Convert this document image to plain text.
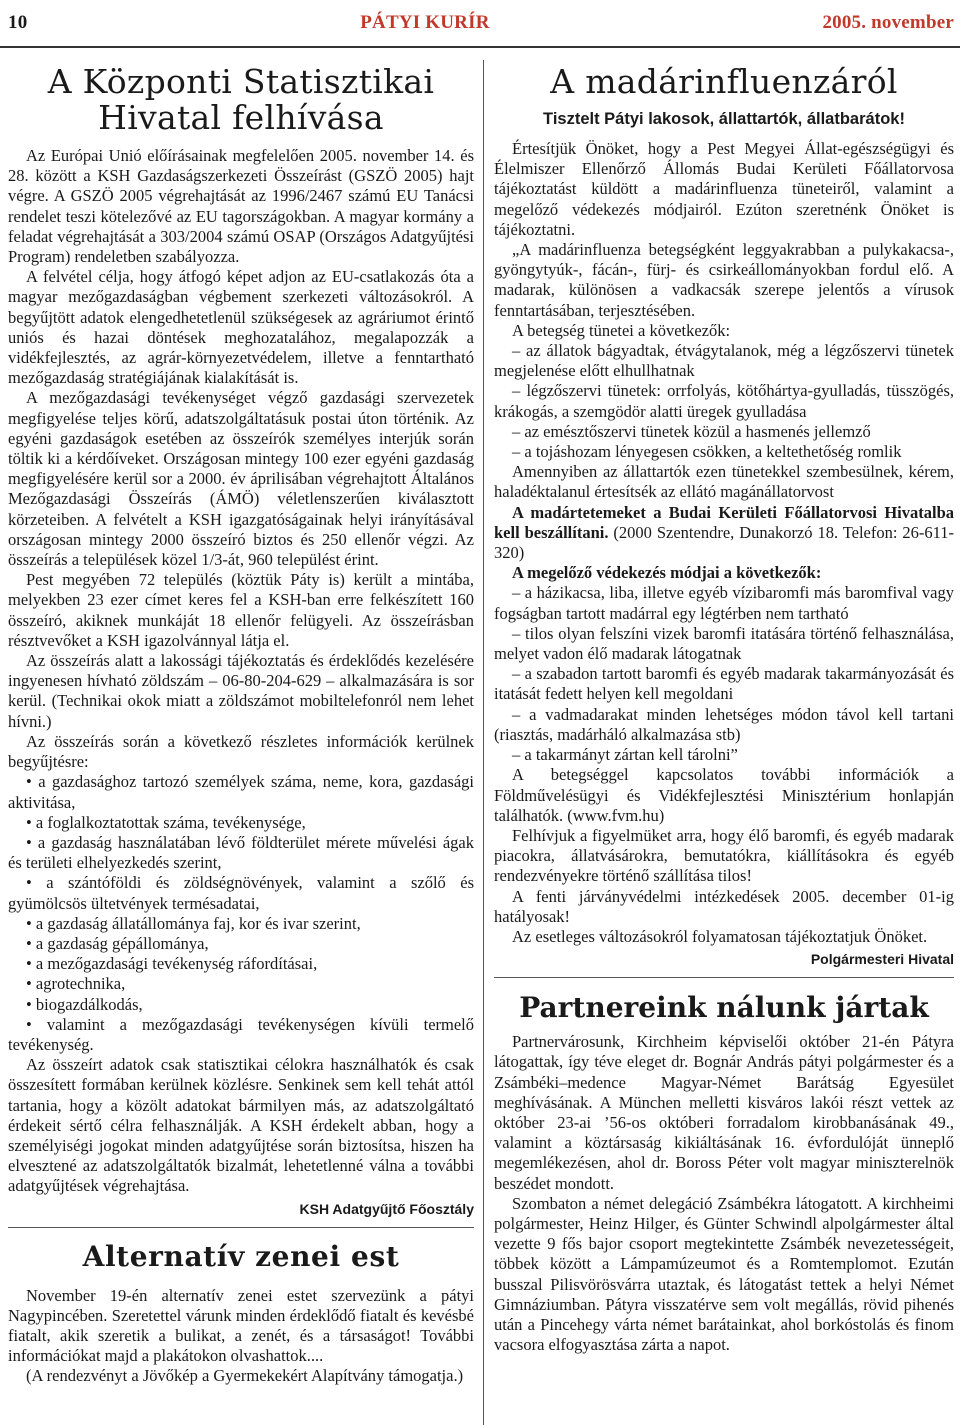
10	PÁTYI KURÍR	2005. november
A Központi Statisztikai Hivatal felhívása

Az Európai Unió előírásainak megfelelően 2005. november 14. és 28. között a KSH Gazdaságszerkezeti Összeírást (GSZÖ 2005) hajt végre. A GSZÖ 2005 végrehajtását az 1996/2467 számú EU Tanácsi rendelet teszi kötelezővé az EU tagországokban. A magyar kormány a feladat végrehajtását a 303/2004 számú OSAP (Országos Adatgyűjtési Program) rendeletben szabályozza.

A felvétel célja, hogy átfogó képet adjon az EU-csatlakozás óta a magyar mezőgazdaságban végbement szerkezeti változásokról. A begyűjtött adatok elengedhetetlenül szükségesek az agráriumot érintő uniós és hazai döntések meghozatalához, megalapozzák a vidékfejlesztés, az agrár-környezetvédelem, illetve a fenntartható mezőgazdaság stratégiájának kialakítását is.

A mezőgazdasági tevékenységet végző gazdasági szervezetek megfigyelése teljes körű, adatszolgáltatásuk postai úton történik. Az egyéni gazdaságok esetében az összeírók személyes interjúk során töltik ki a kérdőíveket. Országosan mintegy 100 ezer egyéni gazdaság megfigyelésére kerül sor a 2000. év áprilisában végrehajtott Általános Mezőgazdasági Összeírás (ÁMÖ) véletlenszerűen kiválasztott körzeteiben. A felvételt a KSH igazgatóságainak helyi irányításával országosan mintegy 2000 összeíró biztos és 250 ellenőr végzi. Az összeírás a települések közel 1/3-át, 960 települést érint.

Pest megyében 72 település (köztük Páty is) került a mintába, melyekben 23 ezer címet keres fel a KSH-ban erre felkészített 160 összeíró, akiknek munkáját 18 ellenőr felügyeli. Az összeírásban résztvevőket a KSH igazolvánnyal látja el.

Az összeírás alatt a lakossági tájékoztatás és érdeklődés kezelésére ingyenesen hívható zöldszám – 06-80-204-629 – alkalmazására is sor kerül. (Technikai okok miatt a zöldszámot mobiltelefonról nem lehet hívni.)

Az összeírás során a következő részletes információk kerülnek begyűjtésre:

• a gazdasághoz tartozó személyek száma, neme, kora, gazdasági aktivitása,

• a foglalkoztatottak száma, tevékenysége,

• a gazdaság használatában lévő földterület mérete művelési ágak és területi elhelyezkedés szerint,

• a szántóföldi és zöldségnövények, valamint a szőlő és gyümölcsös ültetvények termésadatai,

• a gazdaság állatállománya faj, kor és ivar szerint,

• a gazdaság gépállománya,

• a mezőgazdasági tevékenység ráfordításai,

• agrotechnika,

• biogazdálkodás,

• valamint a mezőgazdasági tevékenységen kívüli termelő tevékenység.

Az összeírt adatok csak statisztikai célokra használhatók és csak összesített formában kerülnek közlésre. Senkinek sem kell tehát attól tartania, hogy a közölt adatokat bármilyen más, az adatszolgáltató érdekeit sértő célra felhasználják. A KSH érdekelt abban, hogy a személyiségi jogokat minden adatgyűjtése során biztosítsa, hiszen ha elvesztené az adatszolgáltatók bizalmát, lehetetlenné válna a további adatgyűjtések végrehajtása.

KSH Adatgyűjtő Főosztály
Alternatív zenei est

November 19-én alternatív zenei estet szervezünk a pátyi Nagypincében. Szeretettel várunk minden érdeklődő fiatalt és kevésbé fiatalt, akik szeretik a bulikat, a zenét, és a társaságot! További információkat majd a plakátokon olvashattok....

(A rendezvényt a Jövőkép a Gyermekekért Alapítvány támogatja.)

A madárinfluenzáról
Tisztelt Pátyi lakosok, állattartók, állatbarátok!

Értesítjük Önöket, hogy a Pest Megyei Állat-egészségügyi és Élelmiszer Ellenőrző Állomás Budai Kerületi Főállatorvosa tájékoztatást küldött a madárinfluenza tüneteiről, valamint a megelőző védekezés módjairól. Ezúton szeretnénk Önöket is tájékoztatni.

„A madárinfluenza betegségként leggyakrabban a pulykakacsa-, gyöngytyúk-, fácán-, fürj- és csirkeállományokban fordul elő. A madarak, különösen a vadkacsák szerepe jelentős a vírusok fenntartásában, terjesztésében.

A betegség tünetei a következők:

– az állatok bágyadtak, étvágytalanok, még a légzőszervi tünetek megjelenése előtt elhullhatnak

– légzőszervi tünetek: orrfolyás, kötőhártya-gyulladás, tüsszögés, krákogás, a szemgödör alatti üregek gyulladása

– az emésztőszervi tünetek közül a hasmenés jellemző

– a tojáshozam lényegesen csökken, a keltethetőség romlik

Amennyiben az állattartók ezen tünetekkel szembesülnek, kérem, haladéktalanul értesítsék az ellátó magánállatorvost

A madártetemeket a Budai Kerületi Főállatorvosi Hivatalba kell beszállítani. (2000 Szentendre, Dunakorzó 18. Telefon: 26-611-320)

A megelőző védekezés módjai a következők:

– a házikacsa, liba, illetve egyéb vízibaromfi más baromfival vagy fogságban tartott madárral egy légtérben nem tartható

– tilos olyan felszíni vizek baromfi itatására történő felhasználása, melyet vadon élő madarak látogatnak

– a szabadon tartott baromfi és egyéb madarak takarmányozását és itatását fedett helyen kell megoldani

– a vadmadarakat minden lehetséges módon távol kell tartani (riasztás, madárháló alkalmazása stb)

– a takarmányt zártan kell tárolni”

A betegséggel kapcsolatos további információk a Földművelésügyi és Vidékfejlesztési Minisztérium honlapján találhatók. (www.fvm.hu)

Felhívjuk a figyelmüket arra, hogy élő baromfi, és egyéb madarak piacokra, állatvásárokra, bemutatókra, kiállításokra és egyéb rendezvényekre történő szállítása tilos!

A fenti járványvédelmi intézkedések 2005. december 01-ig hatályosak!

Az esetleges változásokról folyamatosan tájékoztatjuk Önöket.

Polgármesteri Hivatal
Partnereink nálunk jártak

Partnervárosunk, Kirchheim képviselői október 21-én Pátyra látogattak, így téve eleget dr. Bognár András pátyi polgármester és a Zsámbéki–medence Magyar-Német Barátság Egyesület meghívásának. A München melletti kisváros lakói részt vettek az október 23-ai ’56-os októberi forradalom kirobbanásának 49., valamint a köztársaság kikiáltásának 16. évfordulóját ünneplő megemlékezésen, ahol dr. Boross Péter volt magyar miniszterelnök beszédet mondott.

Szombaton a német delegáció Zsámbékra látogatott. A kirchheimi polgármester, Heinz Hilger, és Günter Schwindl alpolgármester által vezette 9 fős bajor csoport megtekintette Zsámbék nevezetességeit, többek között a Lámpamúzeumot és a Romtemplomot. Ezután busszal Pilisvörösvárra utaztak, és látogatást tettek a helyi Német Gimnáziumban. Pátyra visszatérve sem volt megállás, rövid pihenés után a Pincehegy várta német barátainkat, ahol borkóstolás és finom vacsora elfogyasztása zárta a napot.
